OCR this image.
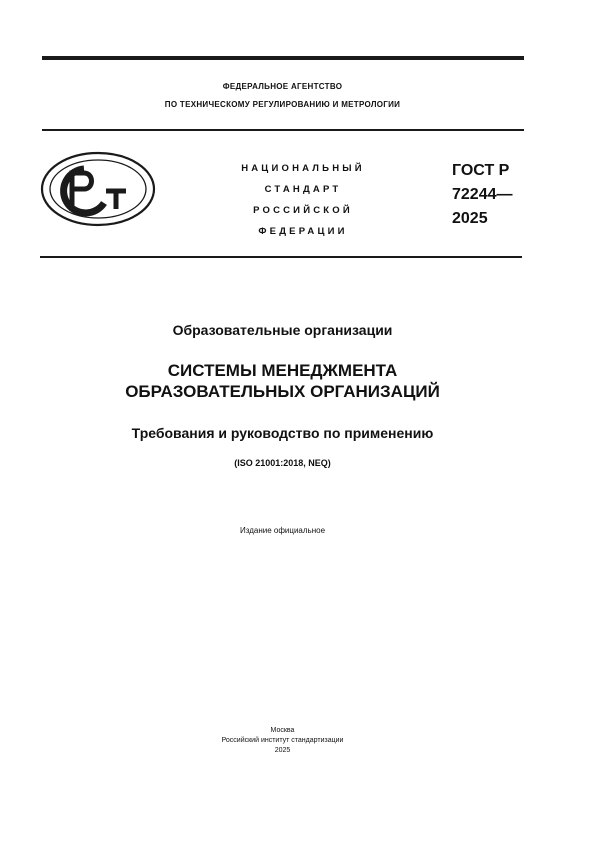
ФЕДЕРАЛЬНОЕ АГЕНТСТВО
ПО ТЕХНИЧЕСКОМУ РЕГУЛИРОВАНИЮ И МЕТРОЛОГИИ
НАЦИОНАЛЬНЫЙ
СТАНДАРТ
РОССИЙСКОЙ
ФЕДЕРАЦИИ
ГОСТ Р
72244—
2025
Образовательные организации
СИСТЕМЫ МЕНЕДЖМЕНТА
ОБРАЗОВАТЕЛЬНЫХ ОРГАНИЗАЦИЙ
Требования и руководство по применению
(ISO 21001:2018, NEQ)
Издание официальное
Москва
Российский институт стандартизации
2025
